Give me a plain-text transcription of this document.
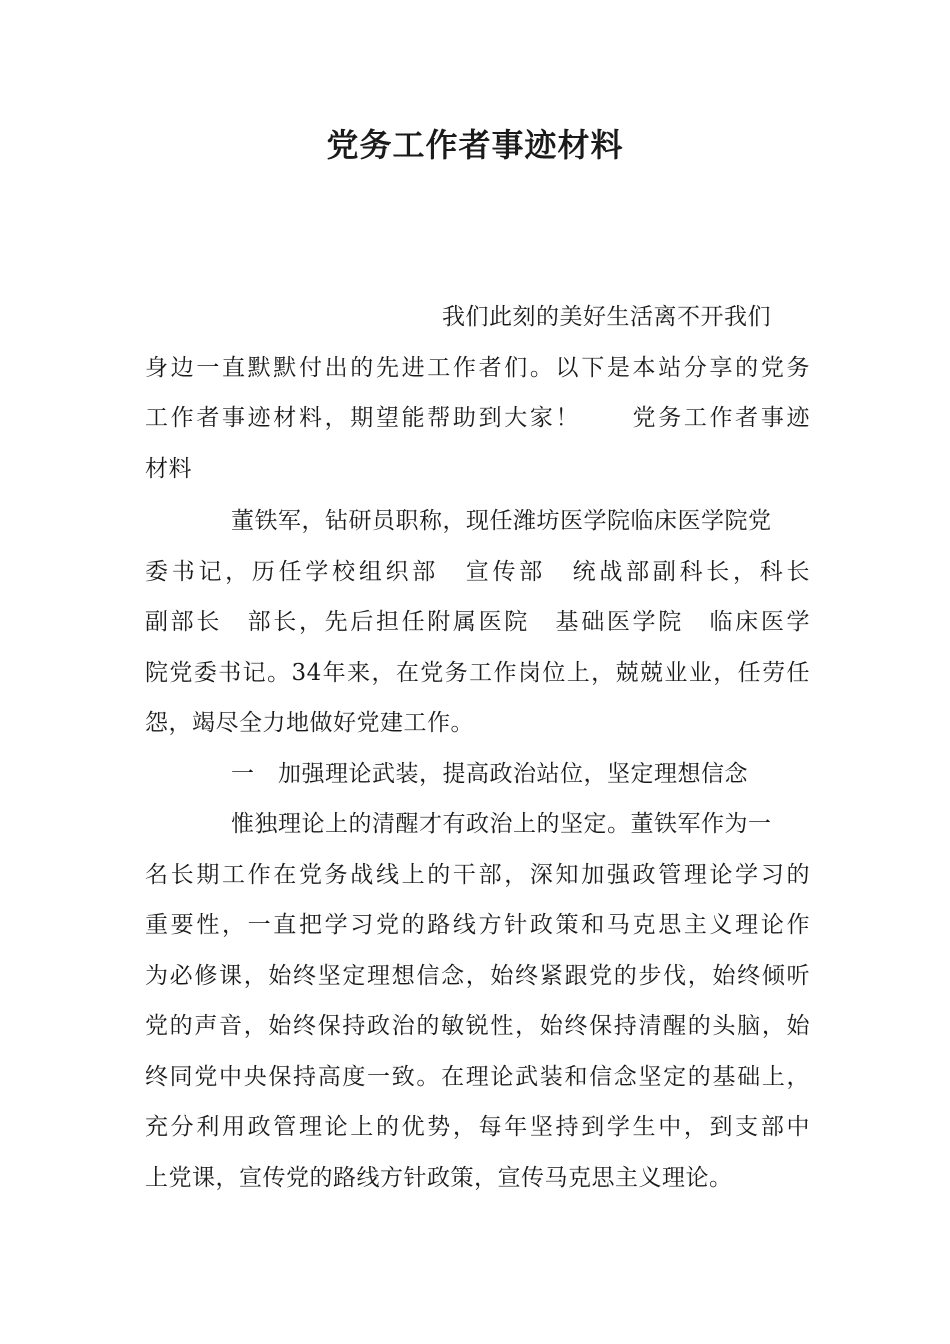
党务工作者事迹材料
我们此刻的美好生活离不开我们
身边一直默默付出的先进工作者们。以下是本站分享的党务
工作者事迹材料，期望能帮助到大家！　　党务工作者事迹
材料
董铁军，钻研员职称，现任潍坊医学院临床医学院党
委书记，历任学校组织部　宣传部　统战部副科长，科长
副部长　部长，先后担任附属医院　基础医学院　临床医学
院党委书记。34年来，在党务工作岗位上，兢兢业业，任劳任
怨，竭尽全力地做好党建工作。
一　加强理论武装，提高政治站位，坚定理想信念
惟独理论上的清醒才有政治上的坚定。董铁军作为一
名长期工作在党务战线上的干部，深知加强政管理论学习的
重要性，一直把学习党的路线方针政策和马克思主义理论作
为必修课，始终坚定理想信念，始终紧跟党的步伐，始终倾听
党的声音，始终保持政治的敏锐性，始终保持清醒的头脑，始
终同党中央保持高度一致。在理论武装和信念坚定的基础上，
充分利用政管理论上的优势，每年坚持到学生中，到支部中
上党课，宣传党的路线方针政策，宣传马克思主义理论。
